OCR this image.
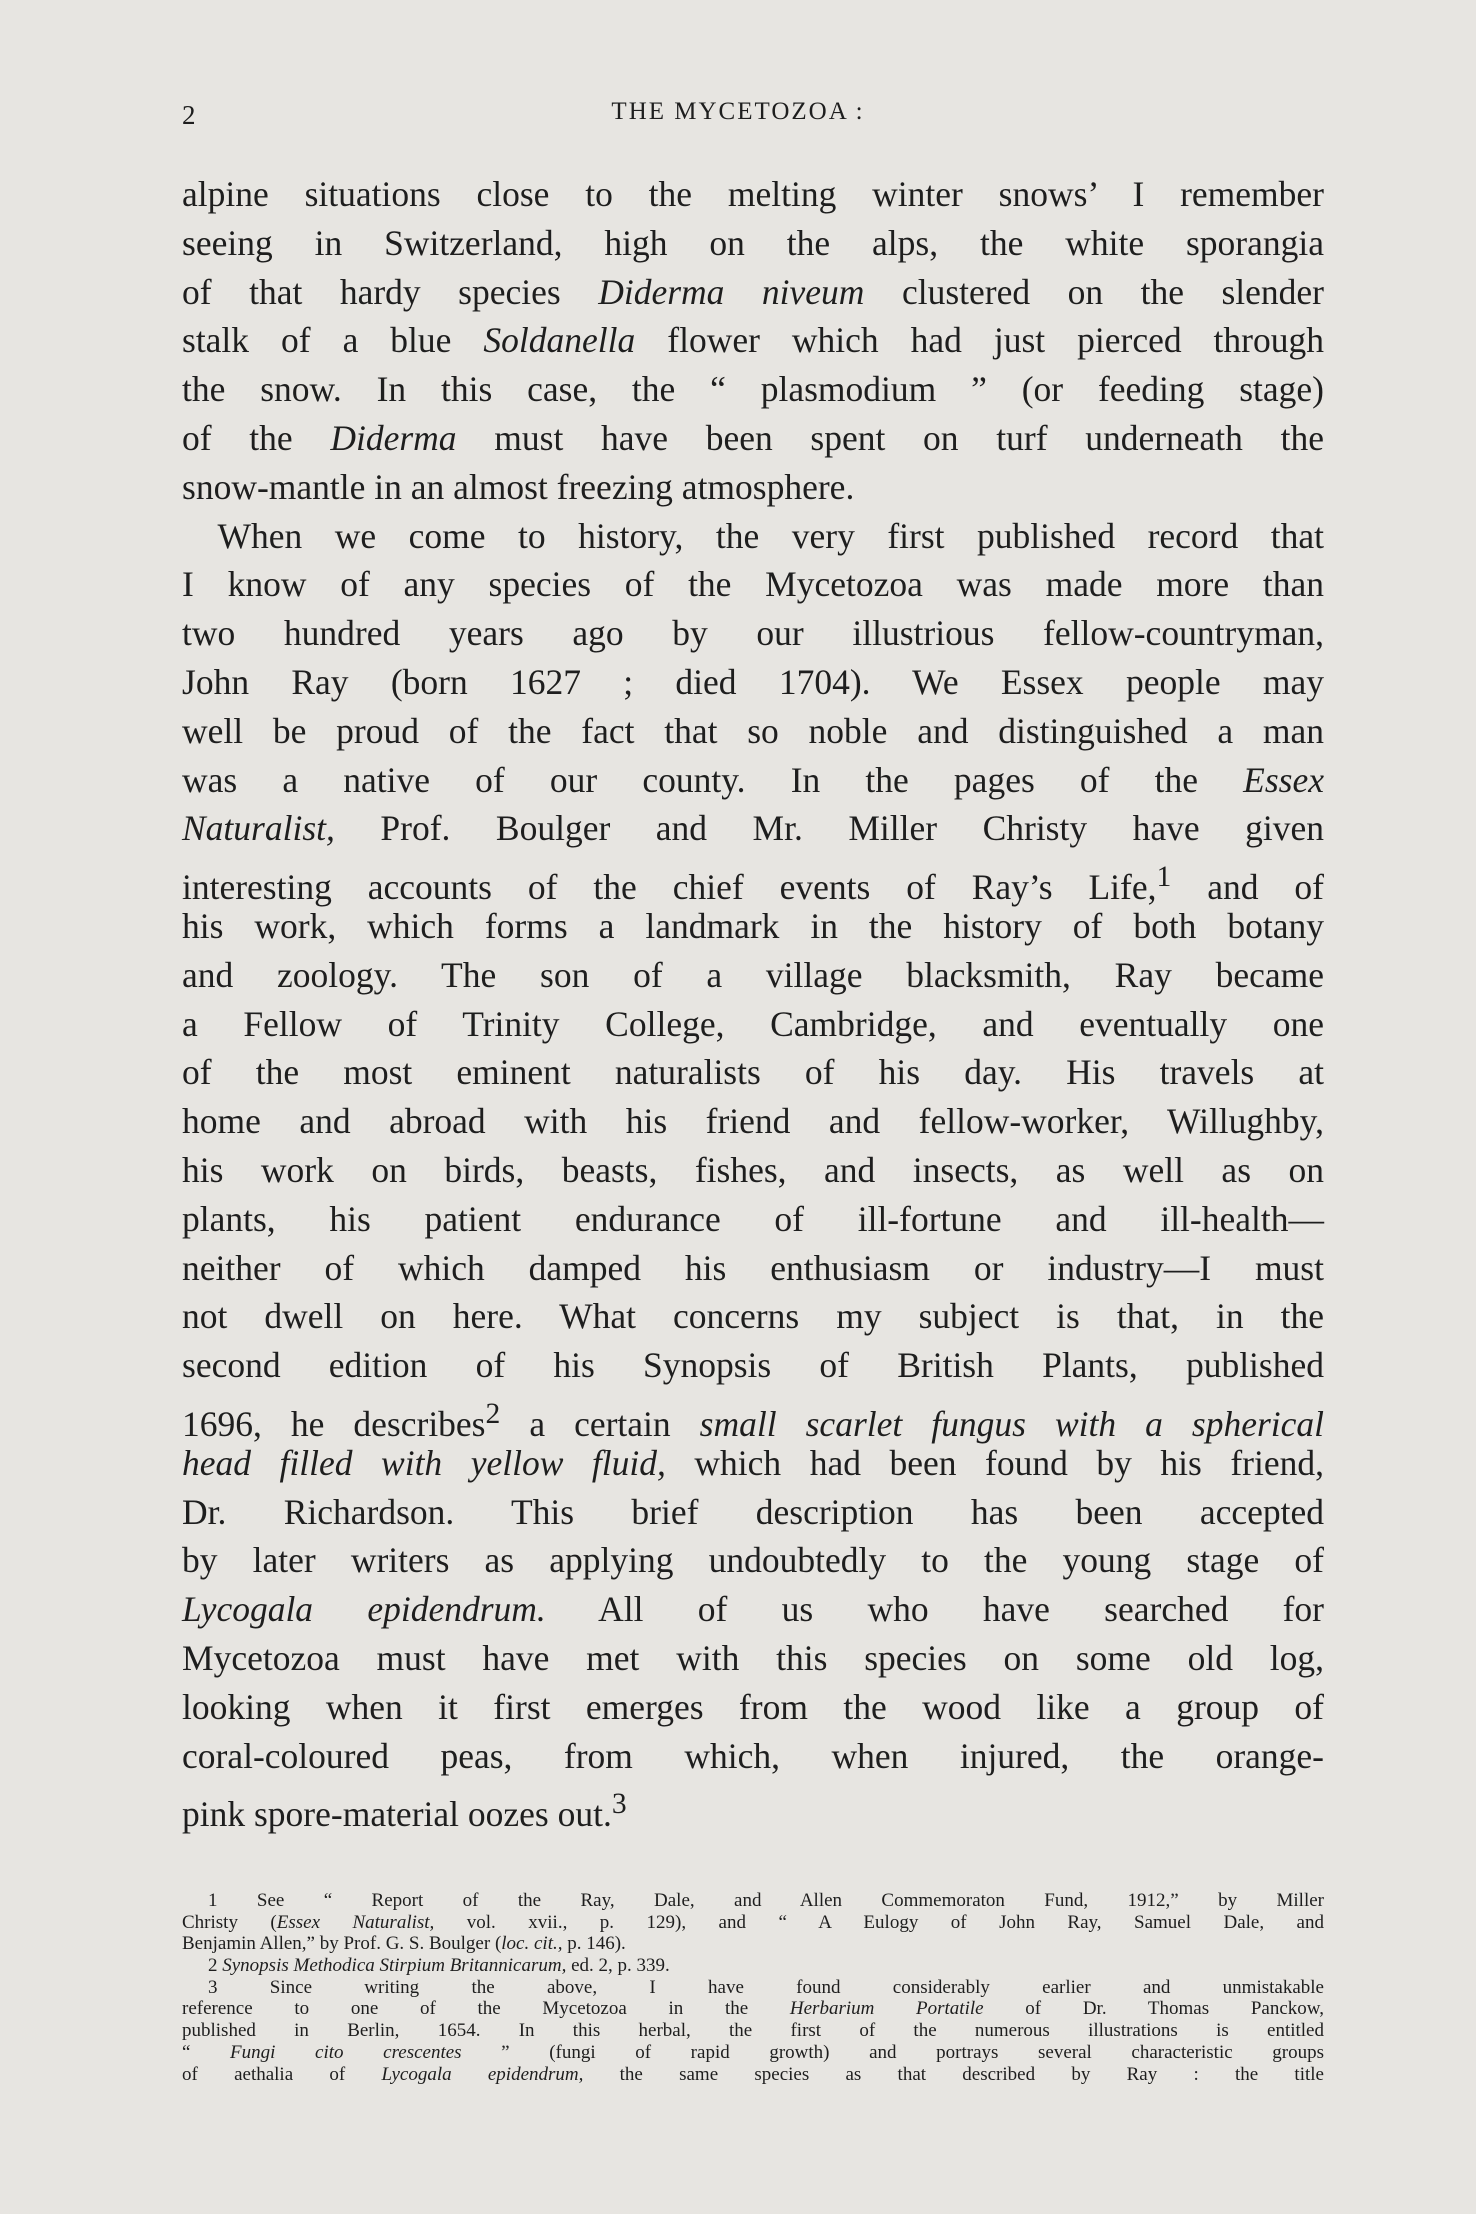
2	THE MYCETOZOA :

alpine situations close to the melting winter snows’ I remember
seeing in Switzerland, high on the alps, the white sporangia
of that hardy species Diderma niveum clustered on the slender
stalk of a blue Soldanella flower which had just pierced through
the snow. In this case, the “ plasmodium ” (or feeding stage)
of the Diderma must have been spent on turf underneath the
snow-mantle in an almost freezing atmosphere.
 When we come to history, the very first published record that
I know of any species of the Mycetozoa was made more than
two hundred years ago by our illustrious fellow-countryman,
John Ray (born 1627 ; died 1704). We Essex people may
well be proud of the fact that so noble and distinguished a man
was a native of our county. In the pages of the Essex
Naturalist, Prof. Boulger and Mr. Miller Christy have given
interesting accounts of the chief events of Ray’s Life,$^1$ and of
his work, which forms a landmark in the history of both botany
and zoology. The son of a village blacksmith, Ray became
a Fellow of Trinity College, Cambridge, and eventually one
of the most eminent naturalists of his day. His travels at
home and abroad with his friend and fellow-worker, Willughby,
his work on birds, beasts, fishes, and insects, as well as on
plants, his patient endurance of ill-fortune and ill-health—
neither of which damped his enthusiasm or industry—I must
not dwell on here. What concerns my subject is that, in the
second edition of his Synopsis of British Plants, published
1696, he describes$^2$ a certain small scarlet fungus with a spherical
head filled with yellow fluid, which had been found by his friend,
Dr. Richardson. This brief description has been accepted
by later writers as applying undoubtedly to the young stage of
Lycogala epidendrum. All of us who have searched for
Mycetozoa must have met with this species on some old log,
looking when it first emerges from the wood like a group of
coral-coloured peas, from which, when injured, the orange-
pink spore-material oozes out.$^3$
1 See “ Report of the Ray, Dale, and Allen Commemoraton Fund, 1912,” by Miller
Christy (Essex Naturalist, vol. xvii., p. 129), and “ A Eulogy of John Ray, Samuel Dale, and
Benjamin Allen,” by Prof. G. S. Boulger (loc. cit., p. 146).
2 Synopsis Methodica Stirpium Britannicarum, ed. 2, p. 339.
3 Since writing the above, I have found considerably earlier and unmistakable
reference to one of the Mycetozoa in the Herbarium Portatile of Dr. Thomas Panckow,
published in Berlin, 1654. In this herbal, the first of the numerous illustrations is entitled
“ Fungi cito crescentes ” (fungi of rapid growth) and portrays several characteristic groups
of aethalia of Lycogala epidendrum, the same species as that described by Ray : the title
